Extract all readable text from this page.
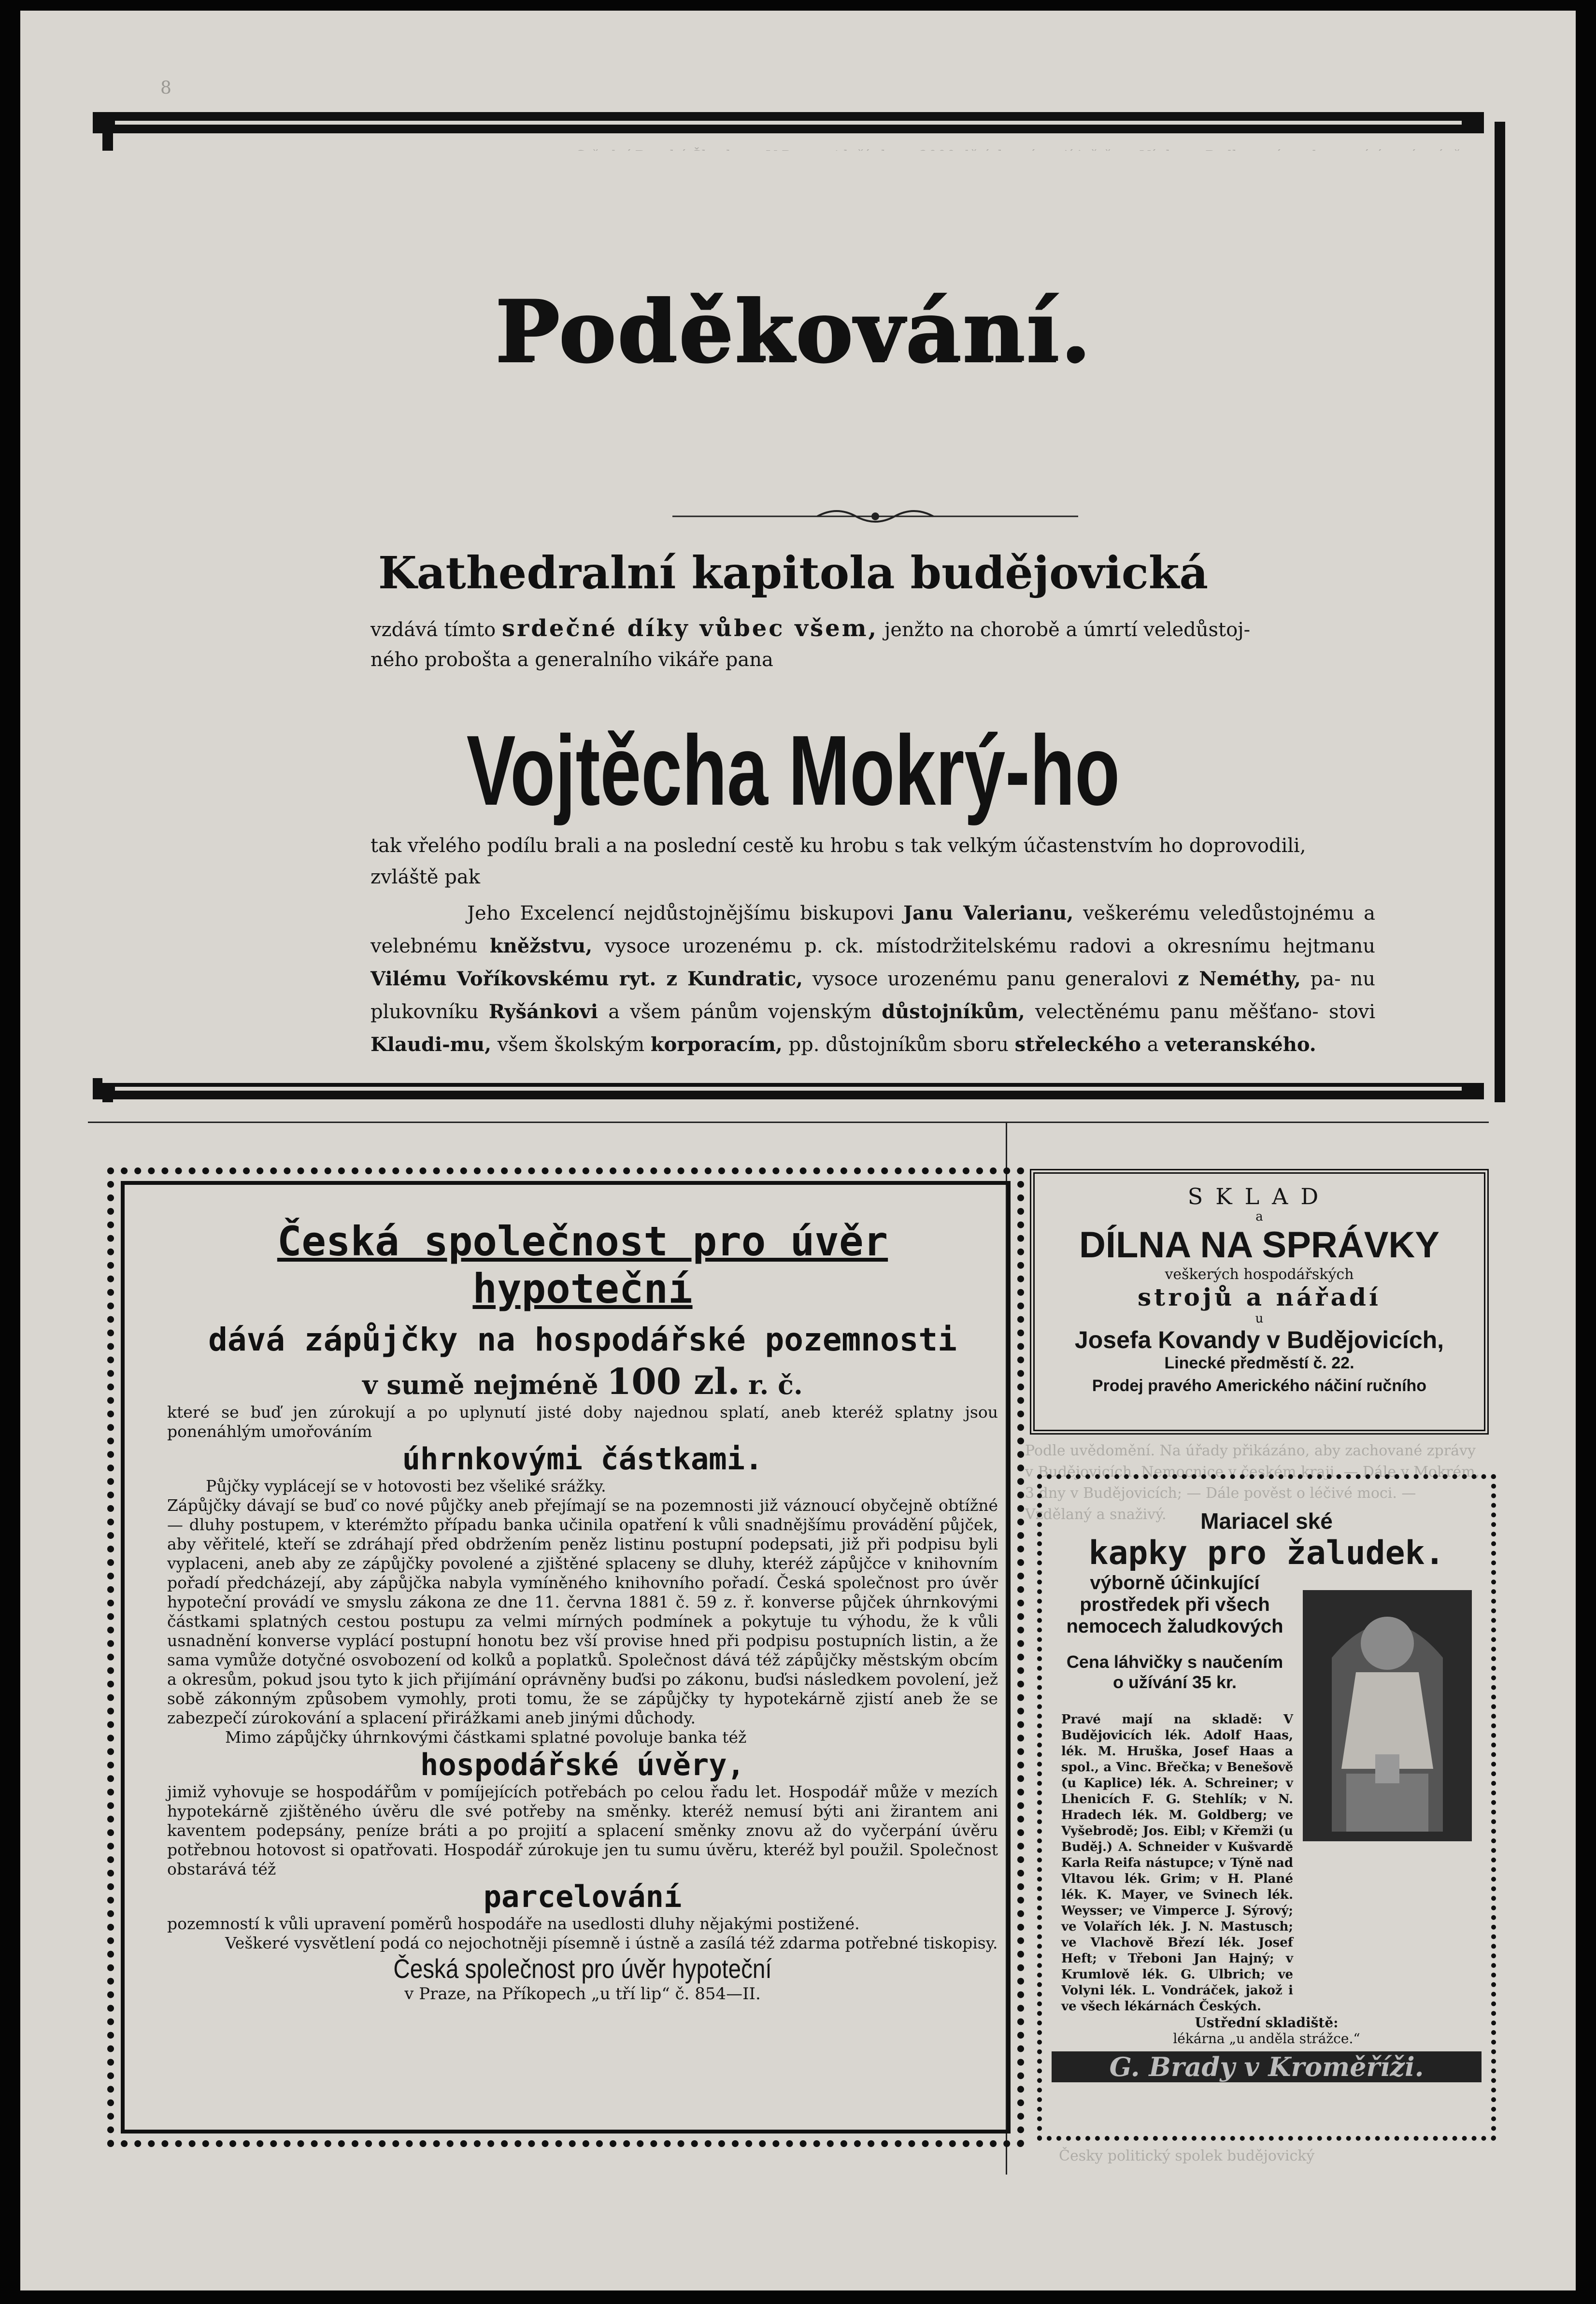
Podle uvědomění. Na úřady přikázáno, aby zachované zprávy v Budějovicích. Nemocnice v českém kraji. — Dále v Mokrém, 3 dny v Budějovicích; — Dále pověst o léčivé moci. — Vzdělaný a snaživý.
8
Poděkování.
Kathedralní kapitola budějovická
vzdává tímto srdečné díky vůbec všem, jenžto na chorobě a úmrtí veledůstoj-
ného proboštа a generalního vikáře pana
Vojtěcha Mokrý-ho
tak vřelého podílu brali a na poslední cestě ku hrobu s tak velkým účastenstvím ho doprovodili,
zvláště pak
Jeho Excelencí nejdůstojnějšímu biskupovi Janu Valerianu, veškerému veledůstojnému a velebnému kněžstvu, vysoce urozenému p. ck. místodržitelskému radovi a okresnímu hejtmanu Vilému Voříkovskému ryt. z Kundratic, vysoce urozenému panu generalovi z Neméthy, pa- nu plukovníku Ryšánkovi a všem pánům vojenským důstojníkům, velectěnému panu měšťano- stovi Klaudi-mu, všem školským korporacím, pp. důstojníkům sboru střeleckého a veteranského.
Česká společnost pro úvěr hypoteční
dává zápůjčky na hospodářské pozemnosti
v sumě nejméně 100 zl. r. č.
které se buď jen zúrokují a po uplynutí jisté doby najednou splatí, aneb kteréž splatny jsou ponenáhlým umořováním
úhrnkovými částkami.
Půjčky vyplácejí se v hotovosti bez všeliké srážky.
Zápůjčky dávají se buď co nové půjčky aneb přejímají se na pozemnosti již váznoucí obyčejně obtížné — dluhy postupem, v kterémžto případu banka učinila opatření k vůli snadnějšímu provádění půjček, aby věřitelé, kteří se zdráhají před obdržením peněz listinu postupní podepsati, již při podpisu byli vyplaceni, aneb aby ze zápůjčky povolené a zjištěné splaceny se dluhy, kteréž zápůjčce v knihovním pořadí předcházejí, aby zápůjčka nabyla vymíněného knihovního pořadí. Česká společnost pro úvěr hypoteční provádí ve smyslu zákona ze dne 11. června 1881 č. 59 z. ř. konverse půjček úhrnkovými částkami splatných cestou postupu za velmi mírných podmínek a pokytuje tu výhodu, že k vůli usnadnění konverse vyplácí postupní honotu bez vší provise hned při podpisu postupních listin, a že sama vymůže dotyčné osvobození od kolků a poplatků. Společnost dává též zápůjčky městským obcím a okresům, pokud jsou tyto k jich přijímání oprávněny buďsi po zákonu, buďsi následkem povolení, jež sobě zákonným způsobem vymohly, proti tomu, že se zápůjčky ty hypotekárně zjistí aneb že se zabezpečí zúrokování a splacení přirážkami aneb jinými důchody.
Mimo zápůjčky úhrnkovými částkami splatné povoluje banka též
hospodářské úvěry,
jimiž vyhovuje se hospodářům v pomíjejících potřebách po celou řadu let. Hospodář může v mezích hypotekárně zjištěného úvěru dle své potřeby na směnky. kteréž nemusí býti ani žirantem ani kaventem podepsány, peníze bráti a po projití a splacení směnky znovu až do vyčerpání úvěru potřebnou hotovost si opatřovati. Hospodář zúrokuje jen tu sumu úvěru, kteréž byl použil. Společnost obstarává též
parcelování
pozemností k vůli upravení poměrů hospodáře na usedlosti dluhy nějakými postižené.
Veškeré vysvětlení podá co nejochotněji písemně i ústně a zasílá též zdarma potřebné tiskopisy.
Česká společnost pro úvěr hypoteční
v Praze, na Příkopech „u tří lip“ č. 854—II.
SKLAD
a
DÍLNA NA SPRÁVKY
veškerých hospodářských
strojů a nářadí
u
Josefa Kovandy v Budějovicích,
Linecké předměstí č. 22.
Prodej pravého Amerického náčiní ručního
Mariacel ské
kapky pro žaludek.
výborně účinkující prostředek při všech nemocech žaludkových
Cena láhvičky s naučením o užívání 35 kr.
Pravé mají na skladě: V Budějovicích lék. Adolf Haas, lék. M. Hruška, Josef Haas a spol., a Vinc. Břečka; v Benešově (u Kaplice) lék. A. Schreiner; v Lhenicích F. G. Stehlík; v N. Hradech lék. M. Goldberg; ve Vyšebrodě; Jos. Eibl; v Křemži (u Buděj.) A. Schneider v Kušvardě Karla Reifa nástupce; v Týně nad Vltavou lék. Grim; v H. Plané lék. K. Mayer, ve Svinech lék. Weysser; ve Vimperce J. Sýrový; ve Volařích lék. J. N. Mastusch; ve Vlachově Březí lék. Josef Heft; v Třeboni Jan Hajný; v Krumlově lék. G. Ulbrich; ve Volyni lék. L. Vondráček, jakož i ve všech lékárnách Českých.
Ustřední skladiště:
lékárna „u anděla strážce.“
G. Brady v Kroměříži.
Česky politický spolek budějovický
